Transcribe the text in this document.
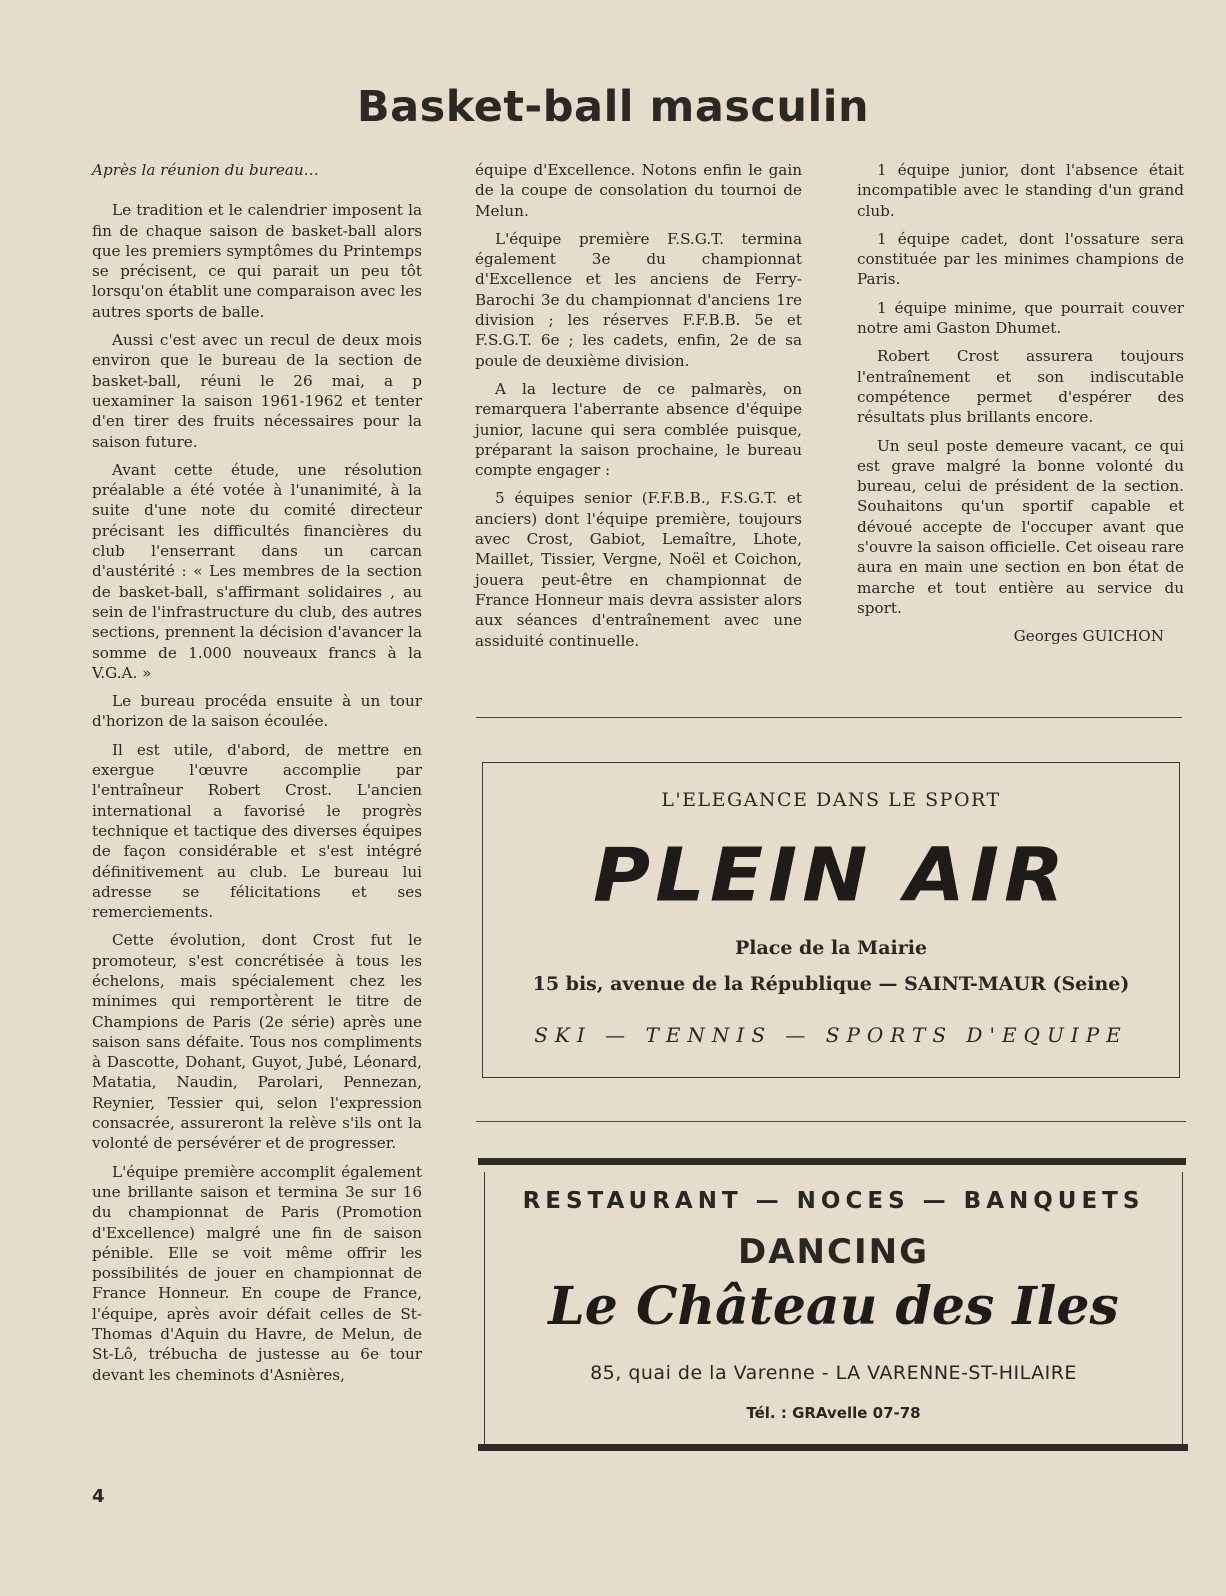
Basket-ball masculin

Après la réunion du bureau…

Le tradition et le calendrier imposent la fin de chaque saison de basket-ball alors que les premiers symptômes du Printemps se précisent, ce qui parait un peu tôt lorsqu'on établit une comparaison avec les autres sports de balle.

Aussi c'est avec un recul de deux mois environ que le bureau de la section de basket-ball, réuni le 26 mai, a p uexaminer la saison 1961-1962 et tenter d'en tirer des fruits nécessaires pour la saison future.

Avant cette étude, une résolution préalable a été votée à l'unanimité, à la suite d'une note du comité directeur précisant les difficultés financières du club l'enserrant dans un carcan d'austérité : « Les membres de la section de basket-ball, s'affirmant solidaires , au sein de l'infrastructure du club, des autres sections, prennent la décision d'avancer la somme de 1.000 nouveaux francs à la V.G.A. »

Le bureau procéda ensuite à un tour d'horizon de la saison écoulée.

Il est utile, d'abord, de mettre en exergue l'œuvre accomplie par l'entraîneur Robert Crost. L'ancien international a favorisé le progrès technique et tactique des diverses équipes de façon considérable et s'est intégré définitivement au club. Le bureau lui adresse se félicitations et ses remerciements.

Cette évolution, dont Crost fut le promoteur, s'est concrétisée à tous les échelons, mais spécialement chez les minimes qui remportèrent le titre de Champions de Paris (2e série) après une saison sans défaite. Tous nos compliments à Dascotte, Dohant, Guyot, Jubé, Léonard, Matatia, Naudin, Parolari, Pennezan, Reynier, Tessier qui, selon l'expression consacrée, assureront la relève s'ils ont la volonté de persévérer et de progresser.

L'équipe première accomplit également une brillante saison et termina 3e sur 16 du championnat de Paris (Promotion d'Excellence) malgré une fin de saison pénible. Elle se voit même offrir les possibilités de jouer en championnat de France Honneur. En coupe de France, l'équipe, après avoir défait celles de St-Thomas d'Aquin du Havre, de Melun, de St-Lô, trébucha de justesse au 6e tour devant les cheminots d'Asnières,

équipe d'Excellence. Notons enfin le gain de la coupe de consolation du tournoi de Melun.

L'équipe première F.S.G.T. termina également 3e du championnat d'Excellence et les anciens de Ferry-Barochi 3e du championnat d'anciens 1re division ; les réserves F.F.B.B. 5e et F.S.G.T. 6e ; les cadets, enfin, 2e de sa poule de deuxième division.

A la lecture de ce palmarès, on remarquera l'aberrante absence d'équipe junior, lacune qui sera comblée puisque, préparant la saison prochaine, le bureau compte engager :

5 équipes senior (F.F.B.B., F.S.G.T. et anciers) dont l'équipe première, toujours avec Crost, Gabiot, Lemaître, Lhote, Maillet, Tissier, Vergne, Noël et Coichon, jouera peut-être en championnat de France Honneur mais devra assister alors aux séances d'entraînement avec une assiduité continuelle.

1 équipe junior, dont l'absence était incompatible avec le standing d'un grand club.

1 équipe cadet, dont l'ossature sera constituée par les minimes champions de Paris.

1 équipe minime, que pourrait couver notre ami Gaston Dhumet.

Robert Crost assurera toujours l'entraînement et son indiscutable compétence permet d'espérer des résultats plus brillants encore.

Un seul poste demeure vacant, ce qui est grave malgré la bonne volonté du bureau, celui de président de la section. Souhaitons qu'un sportif capable et dévoué accepte de l'occuper avant que s'ouvre la saison officielle. Cet oiseau rare aura en main une section en bon état de marche et tout entière au service du sport.

Georges GUICHON

L'ELEGANCE DANS LE SPORT
PLEIN AIR
Place de la Mairie
15 bis, avenue de la République — SAINT-MAUR (Seine)
SKI — TENNIS — SPORTS D'EQUIPE
RESTAURANT — NOCES — BANQUETS
DANCING
Le Château des Iles
85, quai de la Varenne - LA VARENNE-ST-HILAIRE
Tél. : GRAvelle 07-78
4
